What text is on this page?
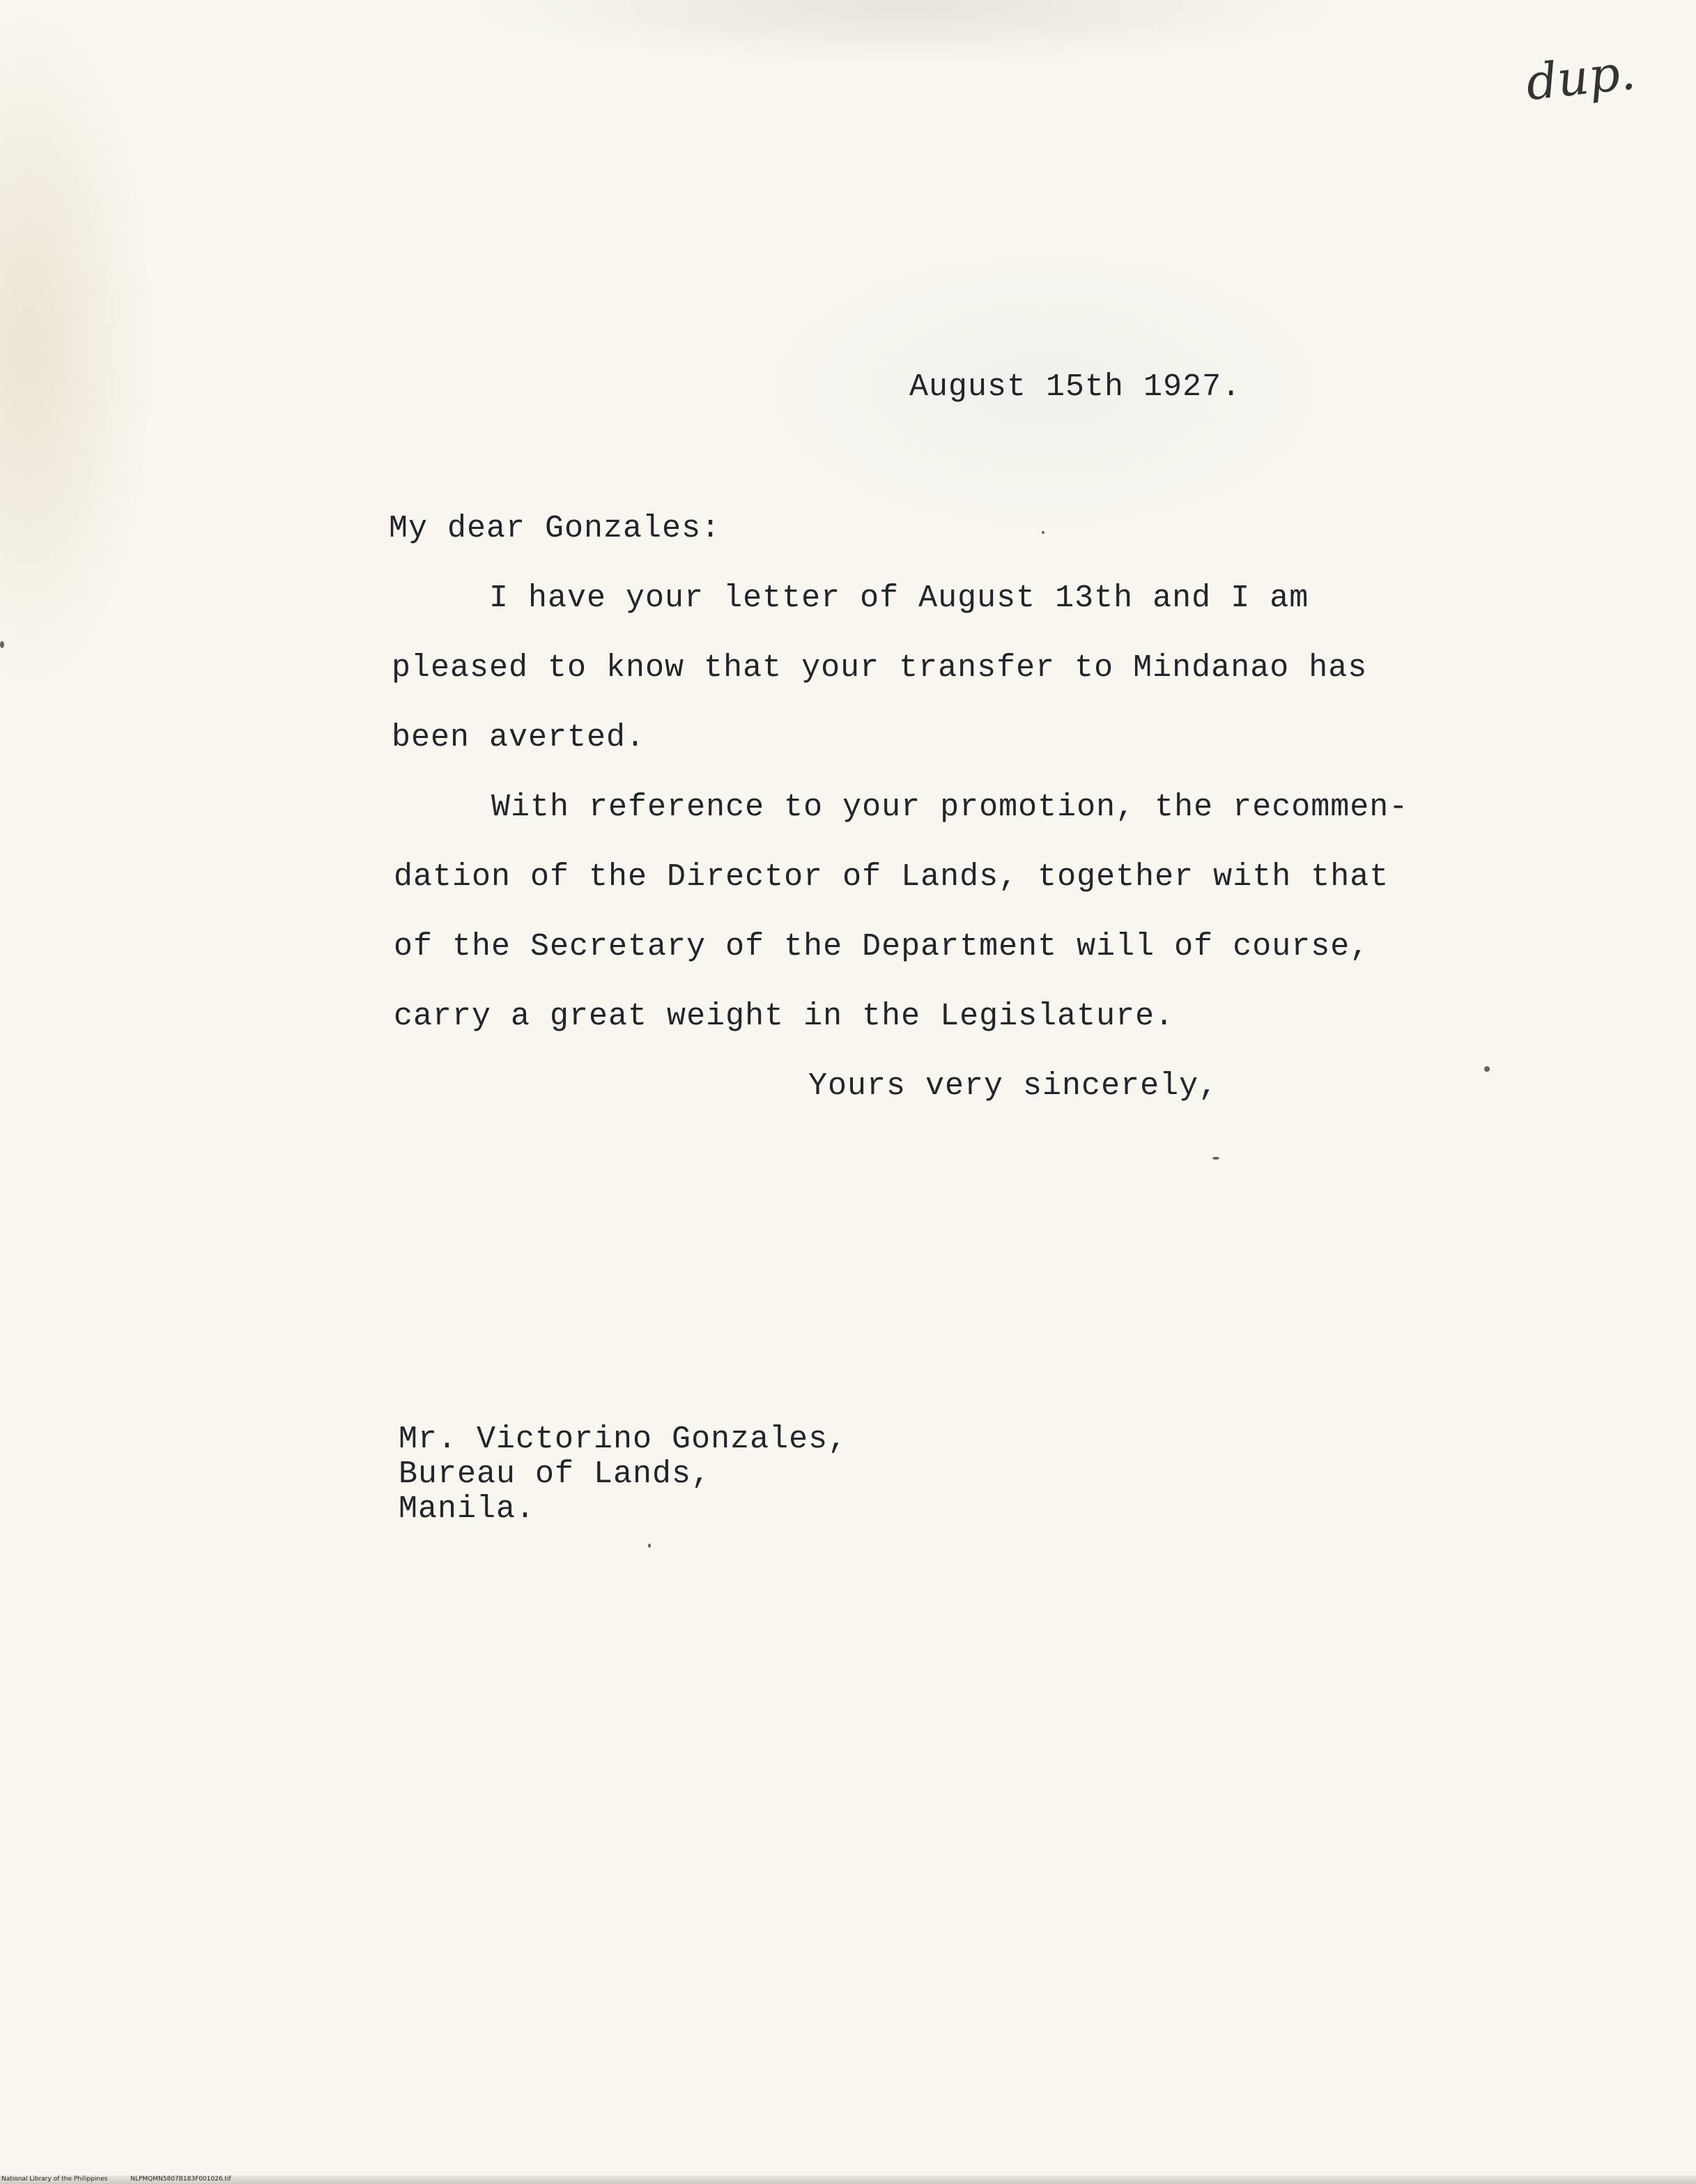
dup.

August 15th 1927.

My dear Gonzales:

I have your letter of August 13th and I am

pleased to know that your transfer to Mindanao has

been averted.

With reference to your promotion, the recommen-

dation of the Director of Lands, together with that

of the Secretary of the Department will of course,

carry a great weight in the Legislature.

Yours very sincerely,

Mr. Victorino Gonzales,

Bureau of Lands,

Manila.

National Library of the Philippines	NLPMQMN5807B183F001026.tif
